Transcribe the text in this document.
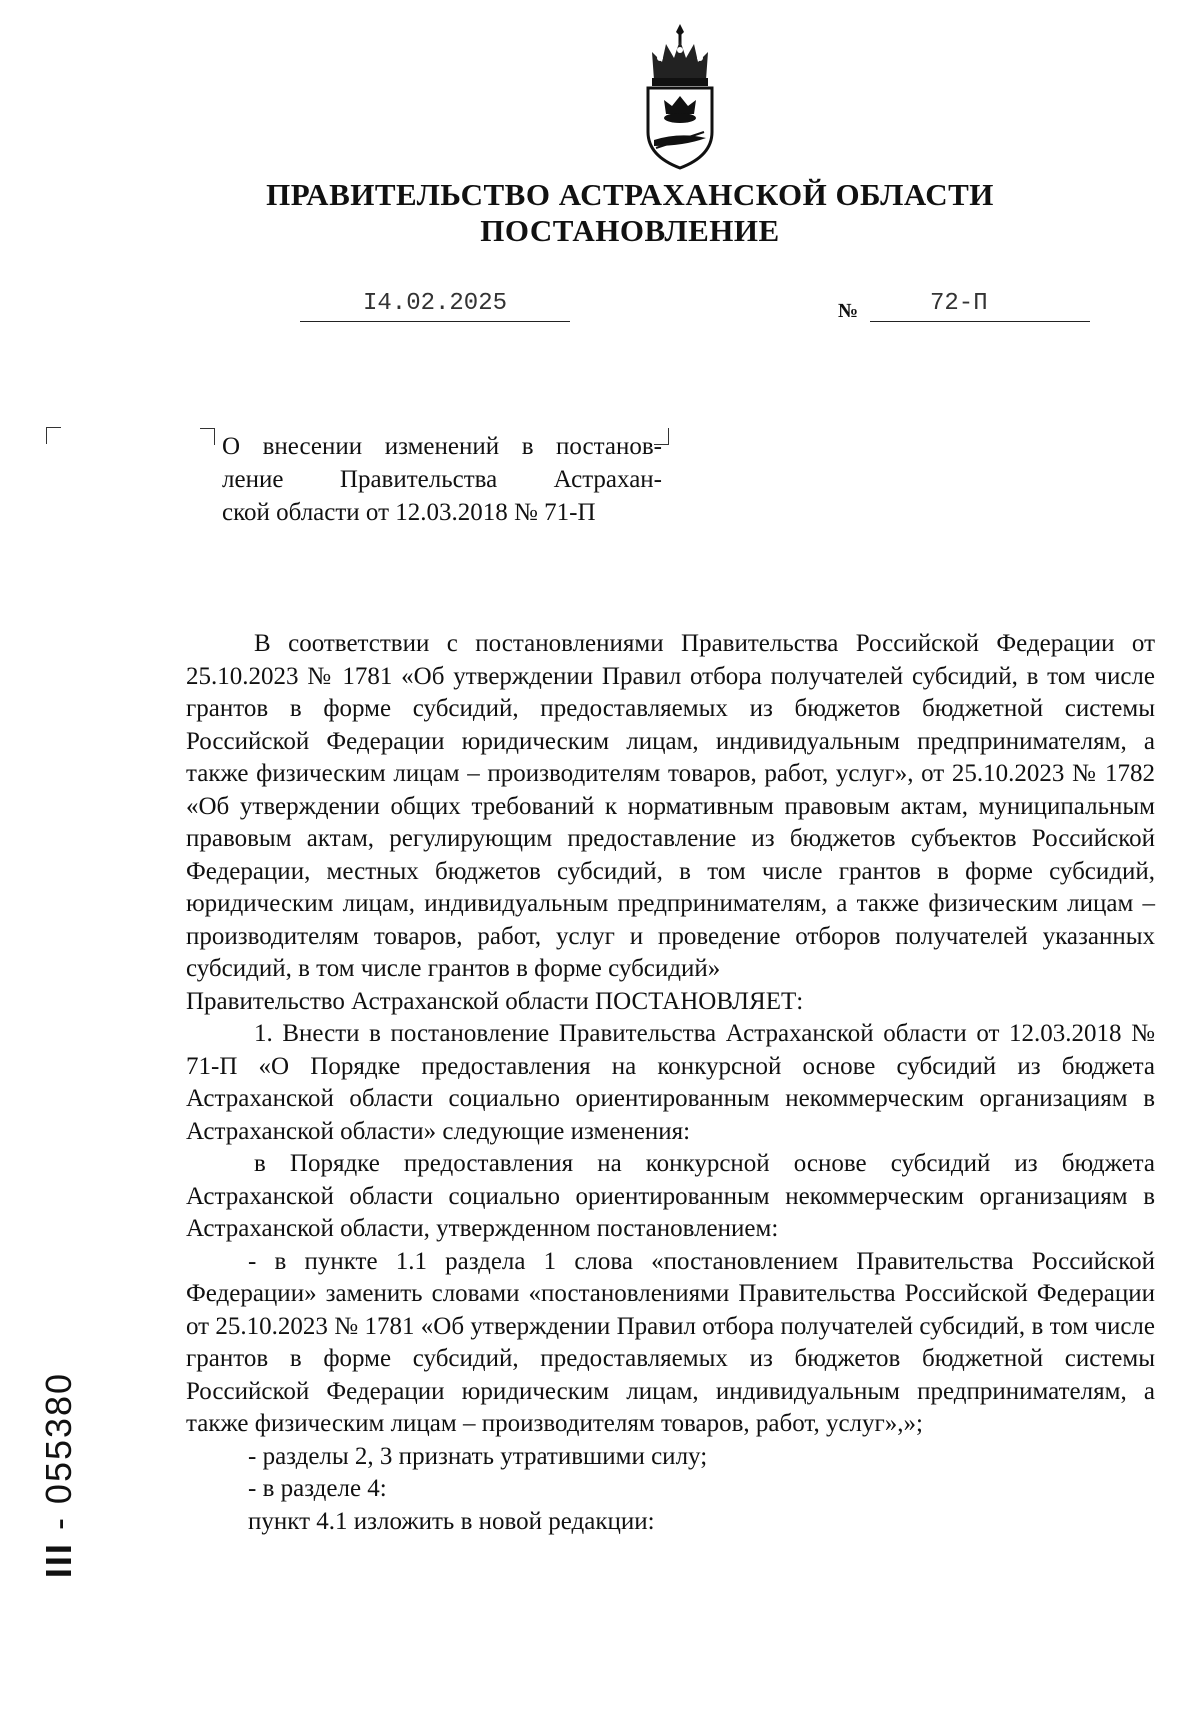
ПРАВИТЕЛЬСТВО АСТРАХАНСКОЙ ОБЛАСТИ
ПОСТАНОВЛЕНИЕ
I4.02.2025	№	72-П
О внесении изменений в постанов-
ление Правительства Астрахан-
ской области от 12.03.2018 № 71-П

В соответствии с постановлениями Правительства Российской Федерации от 25.10.2023 № 1781 «Об утверждении Правил отбора получателей субсидий, в том числе грантов в форме субсидий, предоставляемых из бюджетов бюджетной системы Российской Федерации юридическим лицам, индивидуальным предпринимателям, а также физическим лицам – производителям товаров, работ, услуг», от 25.10.2023 № 1782 «Об утверждении общих требований к нормативным правовым актам, муниципальным правовым актам, регулирующим предоставление из бюджетов субъектов Российской Федерации, местных бюджетов субсидий, в том числе грантов в форме субсидий, юридическим лицам, индивидуальным предпринимателям, а также физическим лицам – производителям товаров, работ, услуг и проведение отборов получателей указанных субсидий, в том числе грантов в форме субсидий»

Правительство Астраханской области ПОСТАНОВЛЯЕТ:

1. Внести в постановление Правительства Астраханской области от 12.03.2018 № 71-П «О Порядке предоставления на конкурсной основе субсидий из бюджета Астраханской области социально ориентированным некоммерческим организациям в Астраханской области» следующие изменения:

в Порядке предоставления на конкурсной основе субсидий из бюджета Астраханской области социально ориентированным некоммерческим организациям в Астраханской области, утвержденном постановлением:

- в пункте 1.1 раздела 1 слова «постановлением Правительства Российской Федерации» заменить словами «постановлениями Правительства Российской Федерации от 25.10.2023 № 1781 «Об утверждении Правил отбора получателей субсидий, в том числе грантов в форме субсидий, предоставляемых из бюджетов бюджетной системы Российской Федерации юридическим лицам, индивидуальным предпринимателям, а также физическим лицам – производителям товаров, работ, услуг»,»;

- разделы 2, 3 признать утратившими силу;

- в разделе 4:

пункт 4.1 изложить в новой редакции:

III - 055380
